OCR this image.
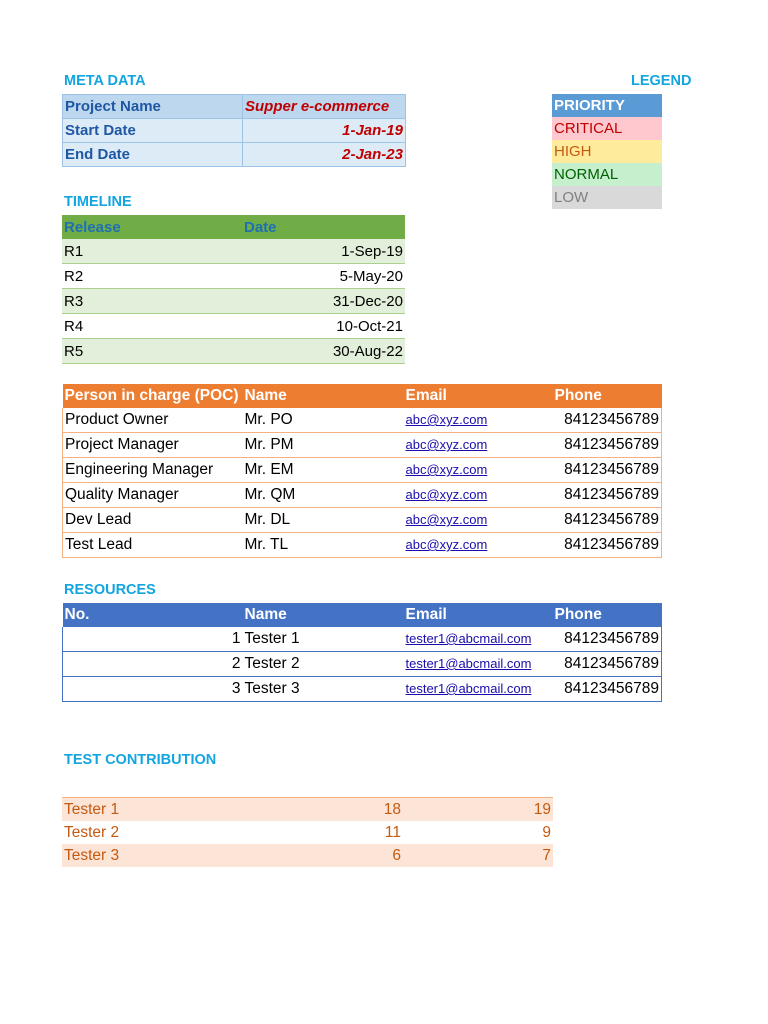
META DATA
Project Name	Supper e-commerce
Start Date	1-Jan-19
End Date	2-Jan-23
LEGEND
PRIORITY
CRITICAL
HIGH
NORMAL
LOW
TIMELINE
Release	Date
R1	1-Sep-19
R2	5-May-20
R3	31-Dec-20
R4	10-Oct-21
R5	30-Aug-22
Person in charge (POC)	Name	Email	Phone
Product Owner	Mr. PO	abc@xyz.com	84123456789
Project Manager	Mr. PM	abc@xyz.com	84123456789
Engineering Manager	Mr. EM	abc@xyz.com	84123456789
Quality Manager	Mr. QM	abc@xyz.com	84123456789
Dev Lead	Mr. DL	abc@xyz.com	84123456789
Test Lead	Mr. TL	abc@xyz.com	84123456789
RESOURCES
No.	Name	Email	Phone
1	Tester 1	tester1@abcmail.com	84123456789
2	Tester 2	tester1@abcmail.com	84123456789
3	Tester 3	tester1@abcmail.com	84123456789
TEST CONTRIBUTION
Tester 1	18	19
Tester 2	11	9
Tester 3	6	7
